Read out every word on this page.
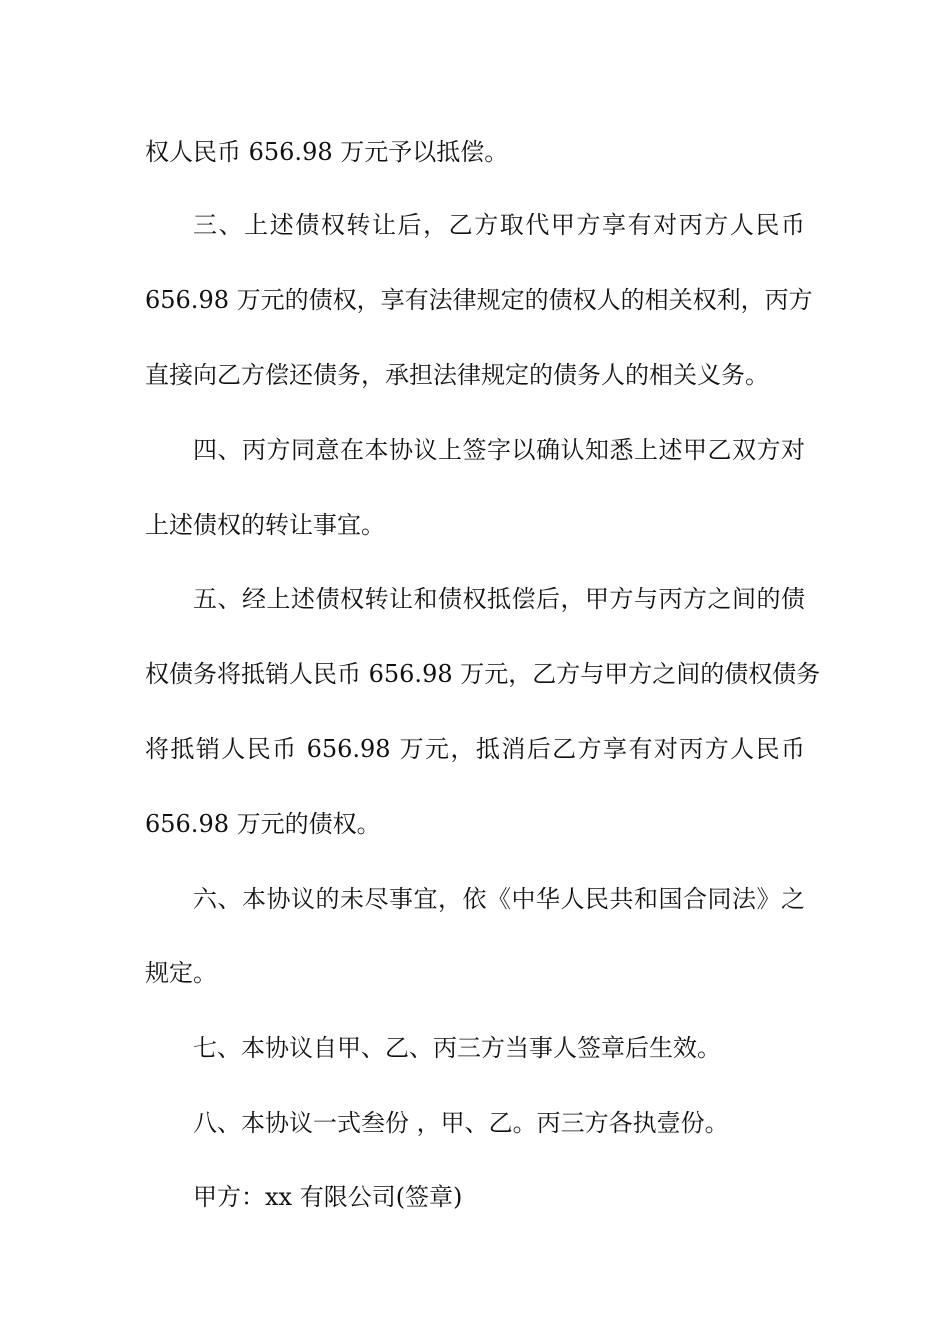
权人民币 656.98 万元予以抵偿。
三、上述债权转让后，乙方取代甲方享有对丙方人民币
656.98 万元的债权，享有法律规定的债权人的相关权利，丙方
直接向乙方偿还债务，承担法律规定的债务人的相关义务。
四、丙方同意在本协议上签字以确认知悉上述甲乙双方对
上述债权的转让事宜。
五、经上述债权转让和债权抵偿后，甲方与丙方之间的债
权债务将抵销人民币 656.98 万元，乙方与甲方之间的债权债务
将抵销人民币 656.98 万元，抵消后乙方享有对丙方人民币
656.98 万元的债权。
六、本协议的未尽事宜，依《中华人民共和国合同法》之
规定。
七、本协议自甲、乙、丙三方当事人签章后生效。
八、本协议一式叁份 ，甲、乙。丙三方各执壹份。
甲方：xx 有限公司(签章)
